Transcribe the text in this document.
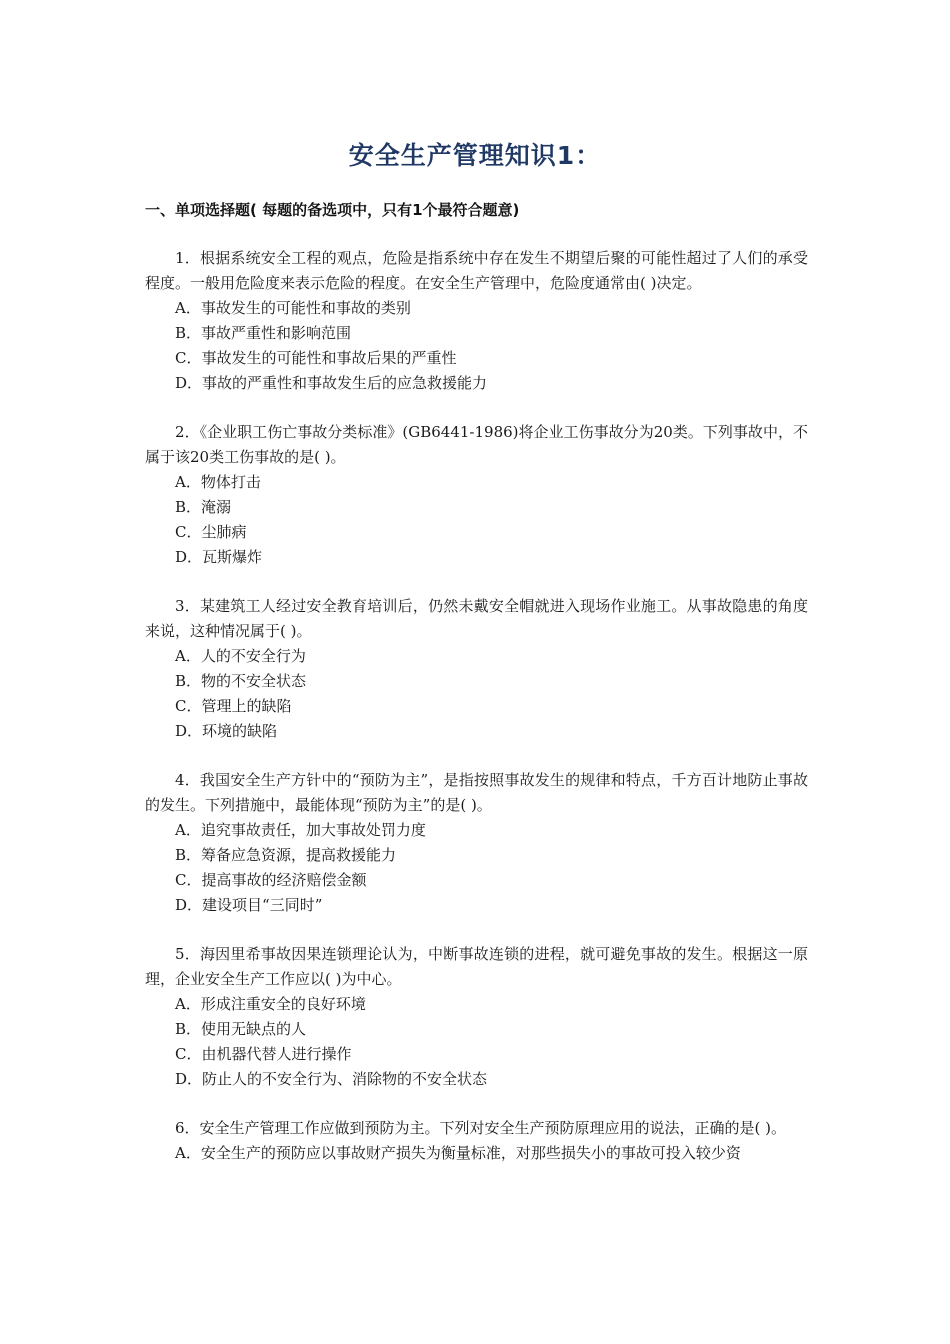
安全生产管理知识1：
一、单项选择题( 每题的备选项中，只有1个最符合题意)

1．根据系统安全工程的观点，危险是指系统中存在发生不期望后聚的可能性超过了人们的承受程度。一般用危险度来表示危险的程度。在安全生产管理中，危险度通常由( )决定。

A．事故发生的可能性和事故的类别
B．事故严重性和影响范围
C．事故发生的可能性和事故后果的严重性
D．事故的严重性和事故发生后的应急救援能力

2．《企业职工伤亡事故分类标准》(GB6441-1986)将企业工伤事故分为20类。下列事故中，不属于该20类工伤事故的是( )。

A．物体打击
B．淹溺
C．尘肺病
D．瓦斯爆炸

3．某建筑工人经过安全教育培训后，仍然未戴安全帽就进入现场作业施工。从事故隐患的角度来说，这种情况属于( )。

A．人的不安全行为
B．物的不安全状态
C．管理上的缺陷
D．环境的缺陷

4．我国安全生产方针中的“预防为主”，是指按照事故发生的规律和特点，千方百计地防止事故的发生。下列措施中，最能体现“预防为主”的是( )。

A．追究事故责任，加大事故处罚力度
B．筹备应急资源，提高救援能力
C．提高事故的经济赔偿金额
D．建设项目“三同时”

5．海因里希事故因果连锁理论认为，中断事故连锁的进程，就可避免事故的发生。根据这一原理，企业安全生产工作应以( )为中心。

A．形成注重安全的良好环境
B．使用无缺点的人
C．由机器代替人进行操作
D．防止人的不安全行为、消除物的不安全状态

6．安全生产管理工作应做到预防为主。下列对安全生产预防原理应用的说法，正确的是( )。

A．安全生产的预防应以事故财产损失为衡量标准，对那些损失小的事故可投入较少资
